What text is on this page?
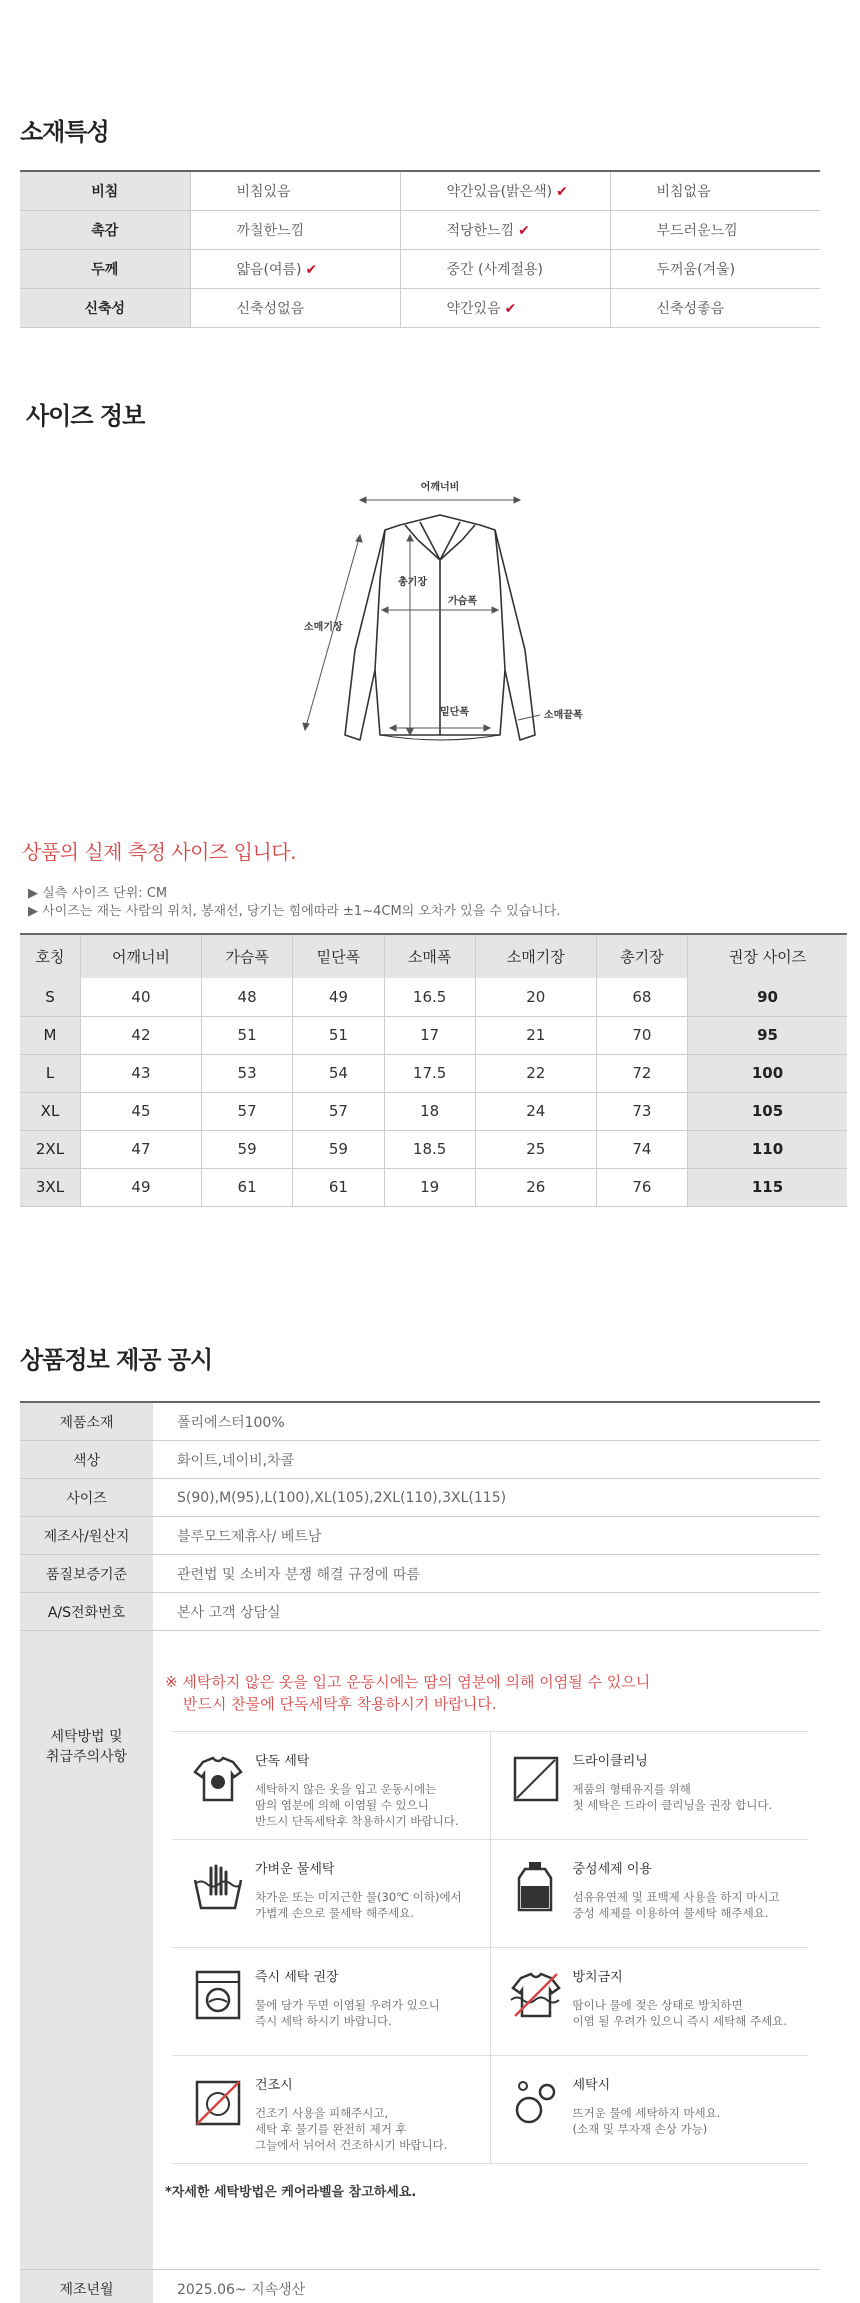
소재특성
비침	비침있음	약간있음(밝은색) ✔	비침없음
촉감	까칠한느낌	적당한느낌 ✔	부드러운느낌
두께	얇음(여름) ✔	중간 (사계절용)	두꺼움(겨울)
신축성	신축성없음	약간있음 ✔	신축성좋음
사이즈 정보
어깨너비
총기장
가슴폭
소매기장
밑단폭	소매끝폭
상품의 실제 측정 사이즈 입니다.
▶ 실측 사이즈 단위: CM
▶ 사이즈는 재는 사람의 위치, 봉재선, 당기는 힘에따라 ±1~4CM의 오차가 있을 수 있습니다.
호칭	어깨너비	가슴폭	밑단폭	소매폭	소매기장	총기장	권장 사이즈
S	40	48	49	16.5	20	68	90
M	42	51	51	17	21	70	95
L	43	53	54	17.5	22	72	100
XL	45	57	57	18	24	73	105
2XL	47	59	59	18.5	25	74	110
3XL	49	61	61	19	26	76	115
상품정보 제공 공시
제품소재	폴리에스터100%
색상	화이트,네이비,차콜
사이즈	S(90),M(95),L(100),XL(105),2XL(110),3XL(115)
제조사/원산지	블루모드제휴사/ 베트남
품질보증기준	관련법 및 소비자 분쟁 해결 규정에 따름
A/S전화번호	본사 고객 상담실
세탁방법 및
취급주의사항
※ 세탁하지 않은 옷을 입고 운동시에는 땀의 염분에 의해 이염될 수 있으니
반드시 찬물에 단독세탁후 착용하시기 바랍니다.
단독 세탁
세탁하지 않은 옷을 입고 운동시에는
땀의 염분에 의해 이염될 수 있으니
반드시 단독세탁후 착용하시기 바랍니다.
드라이클리닝
제품의 형태유지를 위해
첫 세탁은 드라이 클리닝을 권장 합니다.
가벼운 물세탁
차가운 또는 미지근한 물(30℃ 이하)에서
가볍게 손으로 물세탁 해주세요.
중성세제 이용
섬유유연제 및 표백제 사용을 하지 마시고
중성 세제를 이용하여 물세탁 해주세요.
즉시 세탁 권장
물에 담가 두면 이염될 우려가 있으니
즉시 세탁 하시기 바랍니다.
방치금지
땀이나 물에 젖은 상태로 방치하면
이염 될 우려가 있으니 즉시 세탁해 주세요.
건조시
건조기 사용을 피해주시고,
세탁 후 물기를 완전히 제거 후
그늘에서 뉘어서 건조하시기 바랍니다.
세탁시
뜨거운 물에 세탁하지 마세요.
(소재 및 부자재 손상 가능)
*자세한 세탁방법은 케어라벨을 참고하세요.
제조년월	2025.06~ 지속생산
